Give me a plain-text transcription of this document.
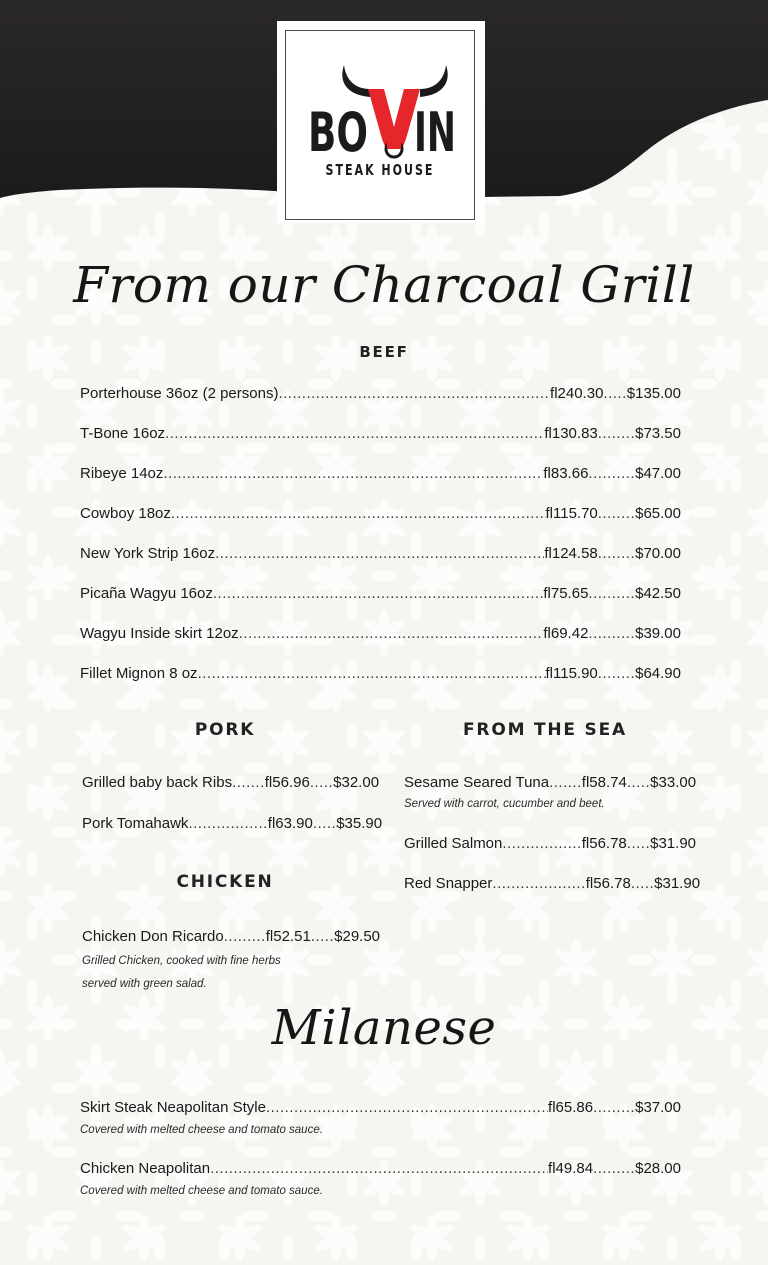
BO IN
STEAK HOUSE
From our Charcoal Grill
BEEF
Porterhouse 36oz (2 persons) .....	fl240.30 ..... $135.00
T-Bone 16oz .....	fl130.83 ........ $73.50
Ribeye 14oz .....	fl83.66 .......... $47.00
Cowboy 18oz .....	fl115.70 ........ $65.00
New York Strip 16oz .....	fl124.58 ........ $70.00
Picaña Wagyu 16oz .....	fl75.65 .......... $42.50
Wagyu Inside skirt 12oz .....	fl69.42 .......... $39.00
Fillet Mignon 8 oz .....	fl115.90 ........ $64.90
PORK
Grilled baby back Ribs ....... fl56.96 ..... $32.00
Pork Tomahawk ................. fl63.90 ..... $35.90
CHICKEN
Chicken Don Ricardo ......... fl52.51 ..... $29.50
Grilled Chicken, cooked with fine herbs
served with green salad.
FROM THE SEA
Sesame Seared Tuna ....... fl58.74 ..... $33.00
Served with carrot, cucumber and beet.
Grilled Salmon ................. fl56.78 ..... $31.90
Red Snapper .................... fl56.78 ..... $31.90
Milanese
Skirt Steak Neapolitan Style .....	fl65.86 ......... $37.00
Covered with melted cheese and tomato sauce.
Chicken Neapolitan .....	fl49.84 ......... $28.00
Covered with melted cheese and tomato sauce.
